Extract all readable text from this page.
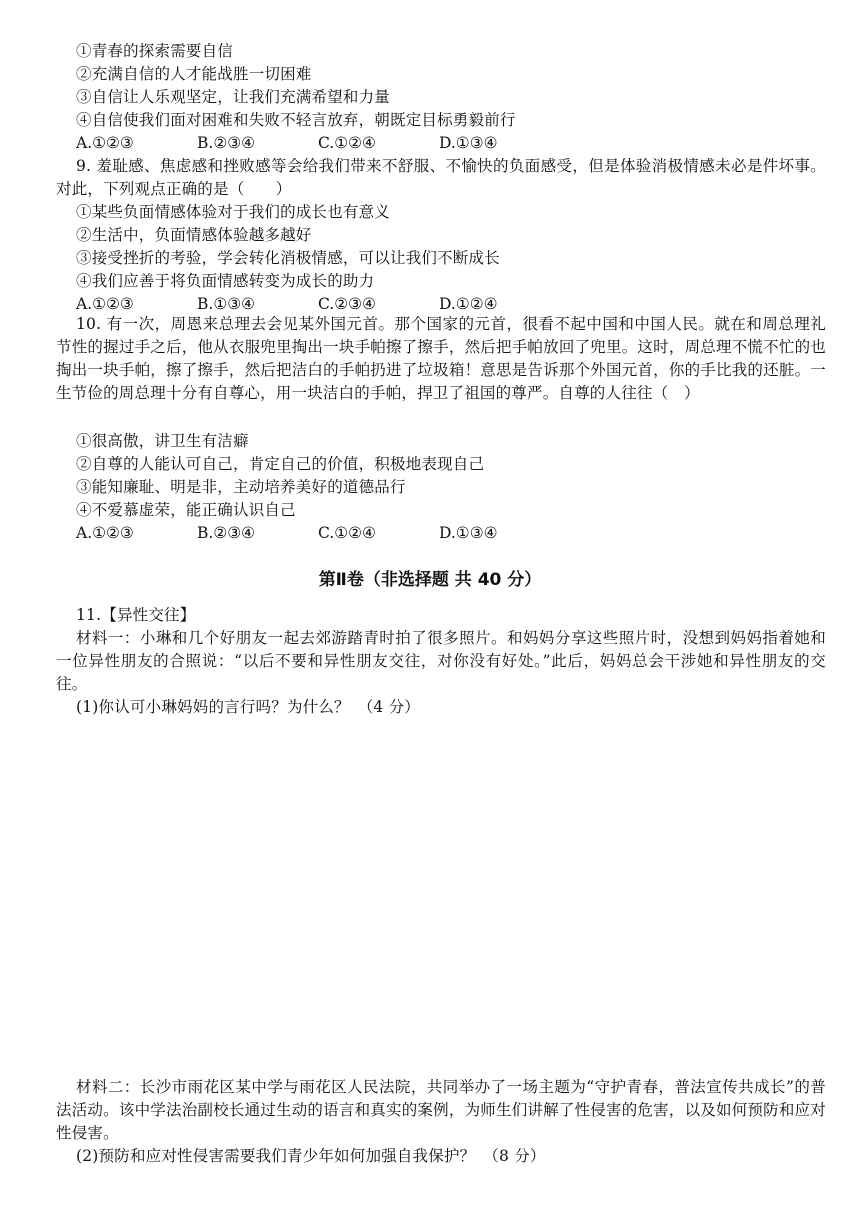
①青春的探索需要自信
②充满自信的人才能战胜一切困难
③自信让人乐观坚定，让我们充满希望和力量
④自信使我们面对困难和失败不轻言放弃，朝既定目标勇毅前行
A.①②③	B.②③④	C.①②④	D.①③④
9. 羞耻感、焦虑感和挫败感等会给我们带来不舒服、不愉快的负面感受，但是体验消极情感未必是件坏事。对此，下列观点正确的是（　　）
①某些负面情感体验对于我们的成长也有意义
②生活中，负面情感体验越多越好
③接受挫折的考验，学会转化消极情感，可以让我们不断成长
④我们应善于将负面情感转变为成长的助力
A.①②③	B.①③④	C.②③④	D.①②④
10. 有一次，周恩来总理去会见某外国元首。那个国家的元首，很看不起中国和中国人民。就在和周总理礼节性的握过手之后，他从衣服兜里掏出一块手帕擦了擦手，然后把手帕放回了兜里。这时，周总理不慌不忙的也掏出一块手帕，擦了擦手，然后把洁白的手帕扔进了垃圾箱！意思是告诉那个外国元首，你的手比我的还脏。一生节俭的周总理十分有自尊心，用一块洁白的手帕，捍卫了祖国的尊严。自尊的人往往（　）
①很高傲，讲卫生有洁癖
②自尊的人能认可自己，肯定自己的价值，积极地表现自己
③能知廉耻、明是非，主动培养美好的道德品行
④不爱慕虚荣，能正确认识自己
A.①②③	B.②③④	C.①②④	D.①③④
第Ⅱ卷（非选择题 共 40 分）
11.【异性交往】
材料一：小琳和几个好朋友一起去郊游踏青时拍了很多照片。和妈妈分享这些照片时，没想到妈妈指着她和一位异性朋友的合照说：“以后不要和异性朋友交往，对你没有好处。”此后，妈妈总会干涉她和异性朋友的交往。
(1)你认可小琳妈妈的言行吗？为什么？　（4 分）
材料二：长沙市雨花区某中学与雨花区人民法院，共同举办了一场主题为“守护青春，普法宣传共成长”的普法活动。该中学法治副校长通过生动的语言和真实的案例，为师生们讲解了性侵害的危害，以及如何预防和应对性侵害。
(2)预防和应对性侵害需要我们青少年如何加强自我保护？　（8 分）
